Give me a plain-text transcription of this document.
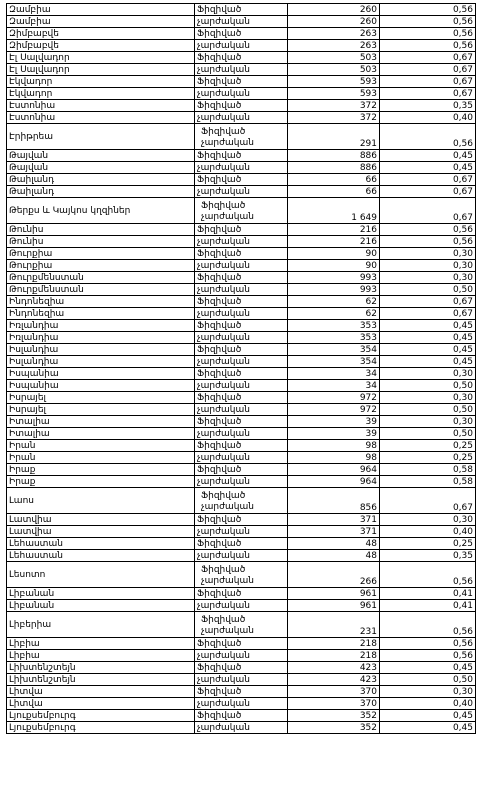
Զամբիա	Ֆիզիված	260	0,56
Զամբիա	չարժական	260	0,56
Զիմբաբվե	Ֆիզիված	263	0,56
Զիմբաբվե	չարժական	263	0,56
Էլ Սալվադոր	Ֆիզիված	503	0,67
Էլ Սալվադոր	չարժական	503	0,67
Էկվադոր	Ֆիզիված	593	0,67
Էկվադոր	չարժական	593	0,67
Էստոնիա	Ֆիզիված	372	0,35
Էստոնիա	չարժական	372	0,40
Էրիթրեա	Ֆիզիված չարժական	291	0,56
Թայվան	Ֆիզիված	886	0,45
Թայվան	չարժական	886	0,45
Թաիլանդ	Ֆիզիված	66	0,67
Թաիլանդ	չարժական	66	0,67
Թերքս և Կայկոս կղզիներ	Ֆիզիված չարժական	1 649	0,67
Թունիս	Ֆիզիված	216	0,56
Թունիս	չարժական	216	0,56
Թուրքիա	Ֆիզիված	90	0,30
Թուրքիա	չարժական	90	0,30
Թուրքմենստան	Ֆիզիված	993	0,30
Թուրքմենստան	չարժական	993	0,50
Ինդոնեզիա	Ֆիզիված	62	0,67
Ինդոնեզիա	չարժական	62	0,67
Իռլանդիա	Ֆիզիված	353	0,45
Իռլանդիա	չարժական	353	0,45
Իսլանդիա	Ֆիզիված	354	0,45
Իսլանդիա	չարժական	354	0,45
Իսպանիա	Ֆիզիված	34	0,30
Իսպանիա	չարժական	34	0,50
Իսրայել	Ֆիզիված	972	0,30
Իսրայել	չարժական	972	0,50
Իտալիա	Ֆիզիված	39	0,30
Իտալիա	չարժական	39	0,50
Իրան	Ֆիզիված	98	0,25
Իրան	չարժական	98	0,25
Իրաք	Ֆիզիված	964	0,58
Իրաք	չարժական	964	0,58
Լաոս	Ֆիզիված չարժական	856	0,67
Լատվիա	Ֆիզիված	371	0,30
Լատվիա	չարժական	371	0,40
Լեհաստան	Ֆիզիված	48	0,25
Լեհաստան	չարժական	48	0,35
Լեսոտո	Ֆիզիված չարժական	266	0,56
Լիբանան	Ֆիզիված	961	0,41
Լիբանան	չարժական	961	0,41
Լիբերիա	Ֆիզիված չարժական	231	0,56
Լիբիա	Ֆիզիված	218	0,56
Լիբիա	չարժական	218	0,56
Լիխտենշտեյն	Ֆիզիված	423	0,45
Լիխտենշտեյն	չարժական	423	0,50
Լիտվա	Ֆիզիված	370	0,30
Լիտվա	չարժական	370	0,40
Լյուքսեմբուրգ	Ֆիզիված	352	0,45
Լյուքսեմբուրգ	չարժական	352	0,45
